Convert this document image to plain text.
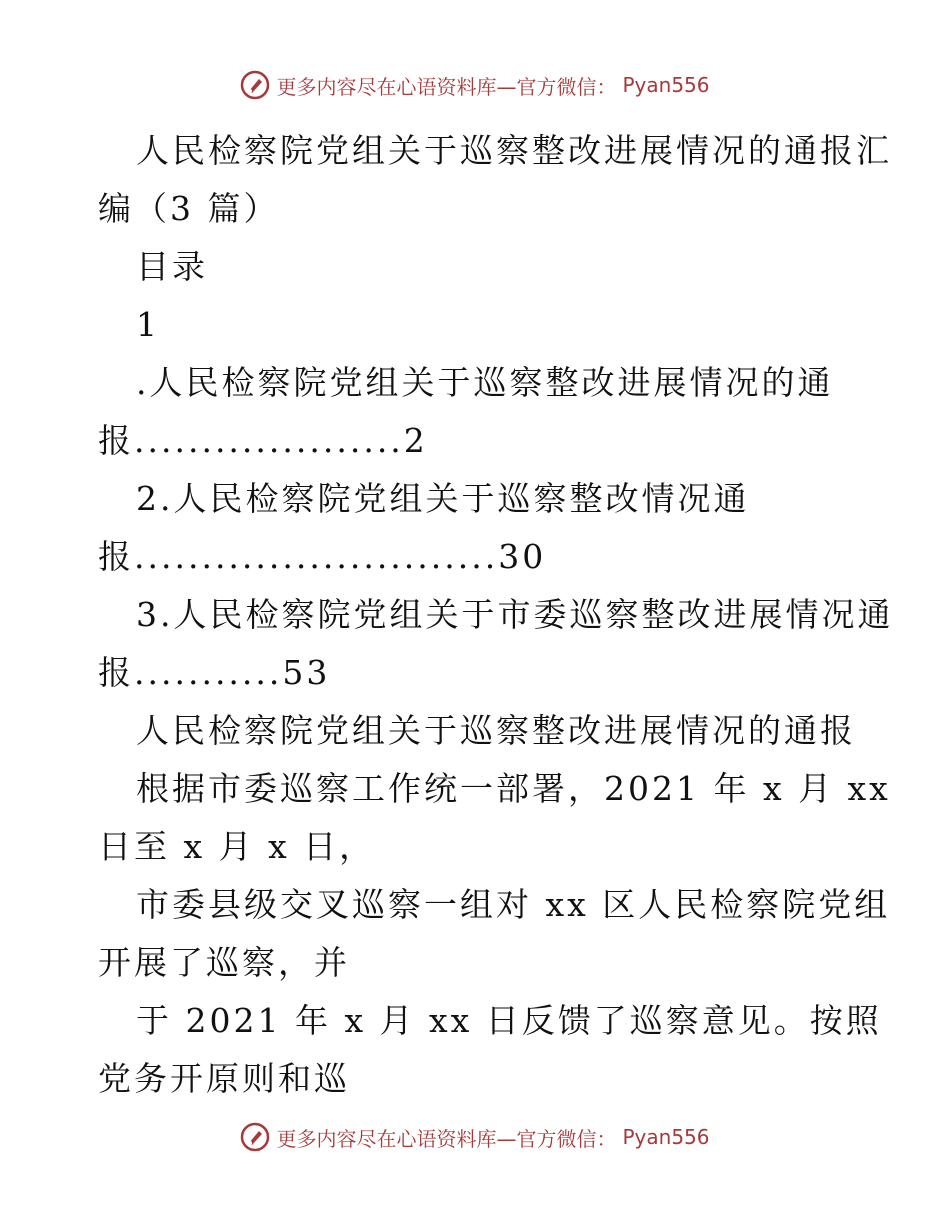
更多内容尽在心语资料库—官方微信： Pyan556
人民检察院党组关于巡察整改进展情况的通报汇
编（3 篇）
目录
1
.人民检察院党组关于巡察整改进展情况的通
报....................2
2.人民检察院党组关于巡察整改情况通
报...........................30
3.人民检察院党组关于市委巡察整改进展情况通
报...........53
人民检察院党组关于巡察整改进展情况的通报
根据市委巡察工作统一部署，2021 年 x 月 xx
日至 x 月 x 日，
市委县级交叉巡察一组对 xx 区人民检察院党组
开展了巡察，并
于 2021 年 x 月 xx 日反馈了巡察意见。按照
党务开原则和巡
更多内容尽在心语资料库—官方微信： Pyan556
